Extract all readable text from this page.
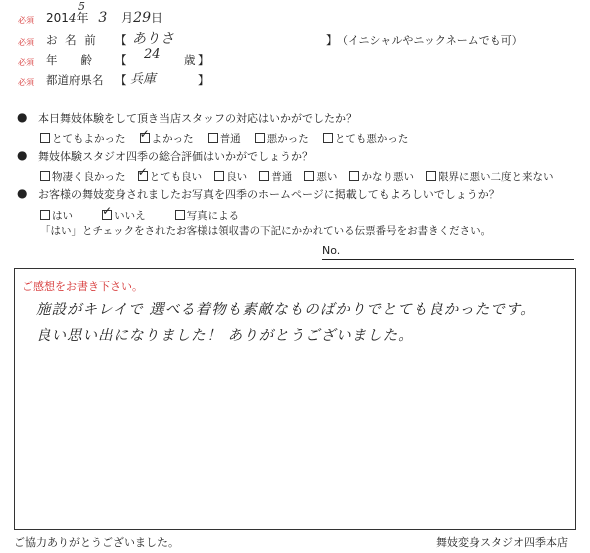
必須 2014年 3 月29日
5
必須 お 名 前 【 ありさ	】 （イニシャルやニックネームでも可）
必須 年　　齢 【 24 歳 】
必須 都道府県名 【 兵庫	】
● 本日舞妓体験をして頂き当店スタッフの対応はいかがでしたか？
とてもよかった
✓ よかった
普通
悪かった
とても悪かった
● 舞妓体験スタジオ四季の総合評価はいかがでしょうか？
物凄く良かった
✓ とても良い
良い
普通
悪い
かなり悪い
限界に悪い二度と来ない
● お客様の舞妓変身されましたお写真を四季のホームページに掲載してもよろしいでしょうか？
はい
✓ いいえ
	写真による
「はい」とチェックをされたお客様は領収書の下記にかかれている伝票番号をお書きください。
No.
ご感想をお書き下さい。
施設がキレイで 選べる着物も素敵なものばかりでとても良かったです。
良い思い出になりました！ ありがとうございました。
ご協力ありがとうございました。	舞妓変身スタジオ四季本店
